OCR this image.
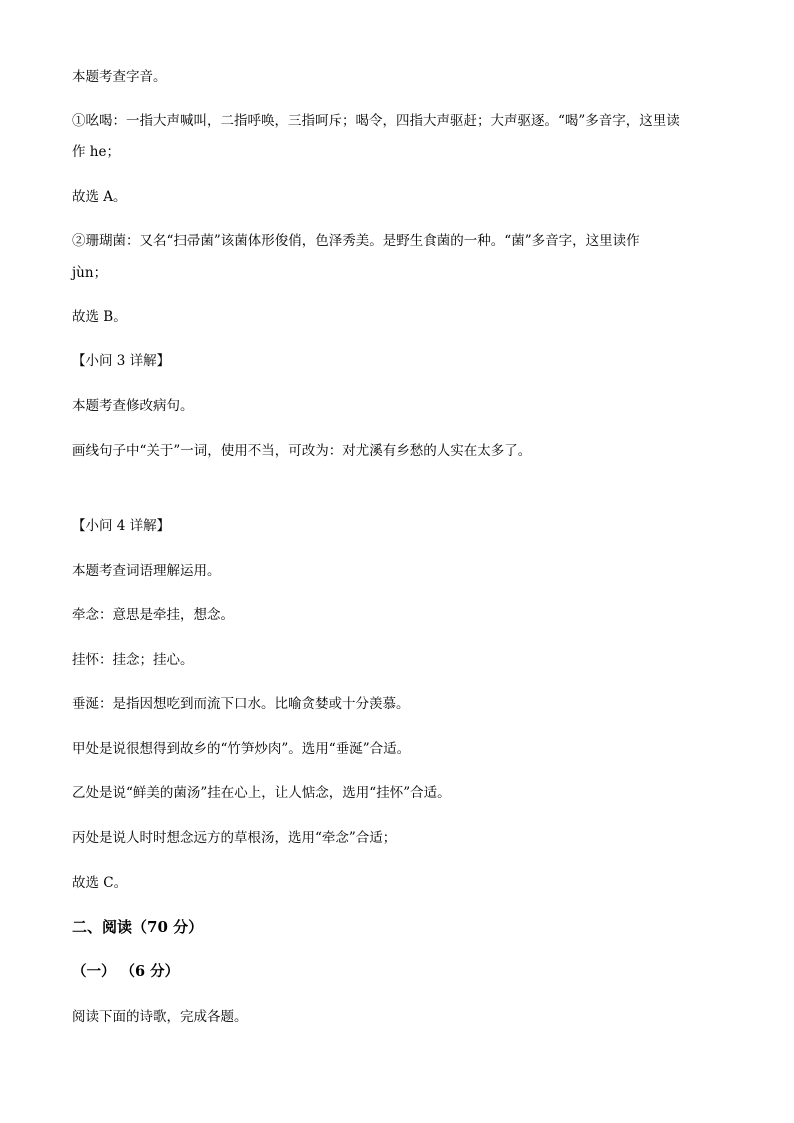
本题考查字音。
①吆喝：一指大声喊叫，二指呼唤，三指呵斥；喝令，四指大声驱赶；大声驱逐。“喝”多音字，这里读
作 he；
故选 A。
②珊瑚菌：又名“扫帚菌”该菌体形俊俏，色泽秀美。是野生食菌的一种。“菌”多音字，这里读作
jùn；
故选 B。
【小问 3 详解】
本题考查修改病句。
画线句子中“关于”一词，使用不当，可改为：对尤溪有乡愁的人实在太多了。
【小问 4 详解】
本题考查词语理解运用。
牵念：意思是牵挂，想念。
挂怀：挂念；挂心。
垂涎：是指因想吃到而流下口水。比喻贪婪或十分羡慕。
甲处是说很想得到故乡的“竹笋炒肉”。选用“垂涎”合适。
乙处是说“鲜美的菌汤”挂在心上，让人惦念，选用“挂怀”合适。
丙处是说人时时想念远方的草根汤，选用“牵念”合适；
故选 C。
二、阅读（70 分）
（一） （6 分）
阅读下面的诗歌，完成各题。
